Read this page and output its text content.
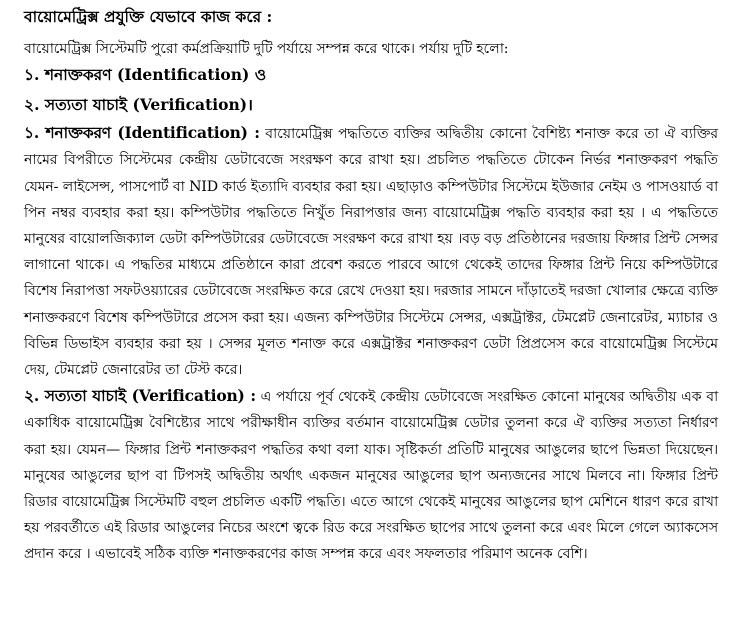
বায়োমেট্রিক্স প্রযুক্তি যেভাবে কাজ করে :

বায়োমেট্রিক্স সিস্টেমটি পুরো কর্মপ্রক্রিয়াটি দুটি পর্যায়ে সম্পন্ন করে থাকে। পর্যায় দুটি হলো:

১. শনাক্তকরণ (Identification) ও

২. সত্যতা যাচাই (Verification)।

১. শনাক্তকরণ (Identification) : বায়োমেট্রিক্স পদ্ধতিতে ব্যক্তির অদ্বিতীয় কোনো বৈশিষ্ট্য শনাক্ত করে তা ঐ ব্যক্তির নামের বিপরীতে সিস্টেমের কেন্দ্রীয় ডেটাবেজে সংরক্ষণ করে রাখা হয়। প্রচলিত পদ্ধতিতে টোকেন নির্ভর শনাক্তকরণ পদ্ধতি যেমন- লাইসেন্স, পাসপোর্ট বা NID কার্ড ইত্যাদি ব্যবহার করা হয়। এছাড়াও কম্পিউটার সিস্টেমে ইউজার নেইম ও পাসওয়ার্ড বা পিন নম্বর ব্যবহার করা হয়। কম্পিউটার পদ্ধতিতে নিখুঁত নিরাপত্তার জন্য বায়োমেট্রিক্স পদ্ধতি ব্যবহার করা হয় । এ পদ্ধতিতে মানুষের বায়োলজিক্যাল ডেটা কম্পিউটারের ডেটাবেজে সংরক্ষণ করে রাখা হয় ।বড় বড় প্রতিষ্ঠানের দরজায় ফিঙ্গার প্রিন্ট সেন্সর লাগানো থাকে। এ পদ্ধতির মাধ্যমে প্রতিষ্ঠানে কারা প্রবেশ করতে পারবে আগে থেকেই তাদের ফিঙ্গার প্রিন্ট নিয়ে কম্পিউটারে বিশেষ নিরাপত্তা সফটওয়্যারের ডেটাবেজে সংরক্ষিত করে রেখে দেওয়া হয়। দরজার সামনে দাঁড়াতেই দরজা খোলার ক্ষেত্রে ব্যক্তি শনাক্তকরণে বিশেষ কম্পিউটারে প্রসেস করা হয়। এজন্য কম্পিউটার সিস্টেমে সেন্সর, এক্সট্রাক্টর, টেমপ্লেট জেনারেটর, ম্যাচার ও বিভিন্ন ডিভাইস ব্যবহার করা হয় । সেন্সর মূলত শনাক্ত করে এক্সট্রাক্টর শনাক্তকরণ ডেটা প্রিপ্রসেস করে বায়োমেট্রিক্স সিস্টেমে দেয়, টেমপ্লেট জেনারেটর তা টেস্ট করে।

২. সত্যতা যাচাই (Verification) : এ পর্যায়ে পূর্ব থেকেই কেন্দ্রীয় ডেটাবেজে সংরক্ষিত কোনো মানুষের অদ্বিতীয় এক বা একাধিক বায়োমেট্রিক্স বৈশিষ্ট্যের সাথে পরীক্ষাধীন ব্যক্তির বর্তমান বায়োমেট্রিক্স ডেটার তুলনা করে ঐ ব্যক্তির সত্যতা নির্ধারণ করা হয়। যেমন— ফিঙ্গার প্রিন্ট শনাক্তকরণ পদ্ধতির কথা বলা যাক। সৃষ্টিকর্তা প্রতিটি মানুষের আঙুলের ছাপে ভিন্নতা দিয়েছেন। মানুষের আঙুলের ছাপ বা টিপসই অদ্বিতীয় অর্থাৎ একজন মানুষের আঙুলের ছাপ অন্যজনের সাথে মিলবে না। ফিঙ্গার প্রিন্ট রিডার বায়োমেট্রিক্স সিস্টেমটি বহুল প্রচলিত একটি পদ্ধতি। এতে আগে থেকেই মানুষের আঙুলের ছাপ মেশিনে ধারণ করে রাখা হয় পরবর্তীতে এই রিডার আঙুলের নিচের অংশে ত্বকে রিড করে সংরক্ষিত ছাপের সাথে তুলনা করে এবং মিলে গেলে অ্যাকসেস প্রদান করে । এভাবেই সঠিক ব্যক্তি শনাক্তকরণের কাজ সম্পন্ন করে এবং সফলতার পরিমাণ অনেক বেশি।
